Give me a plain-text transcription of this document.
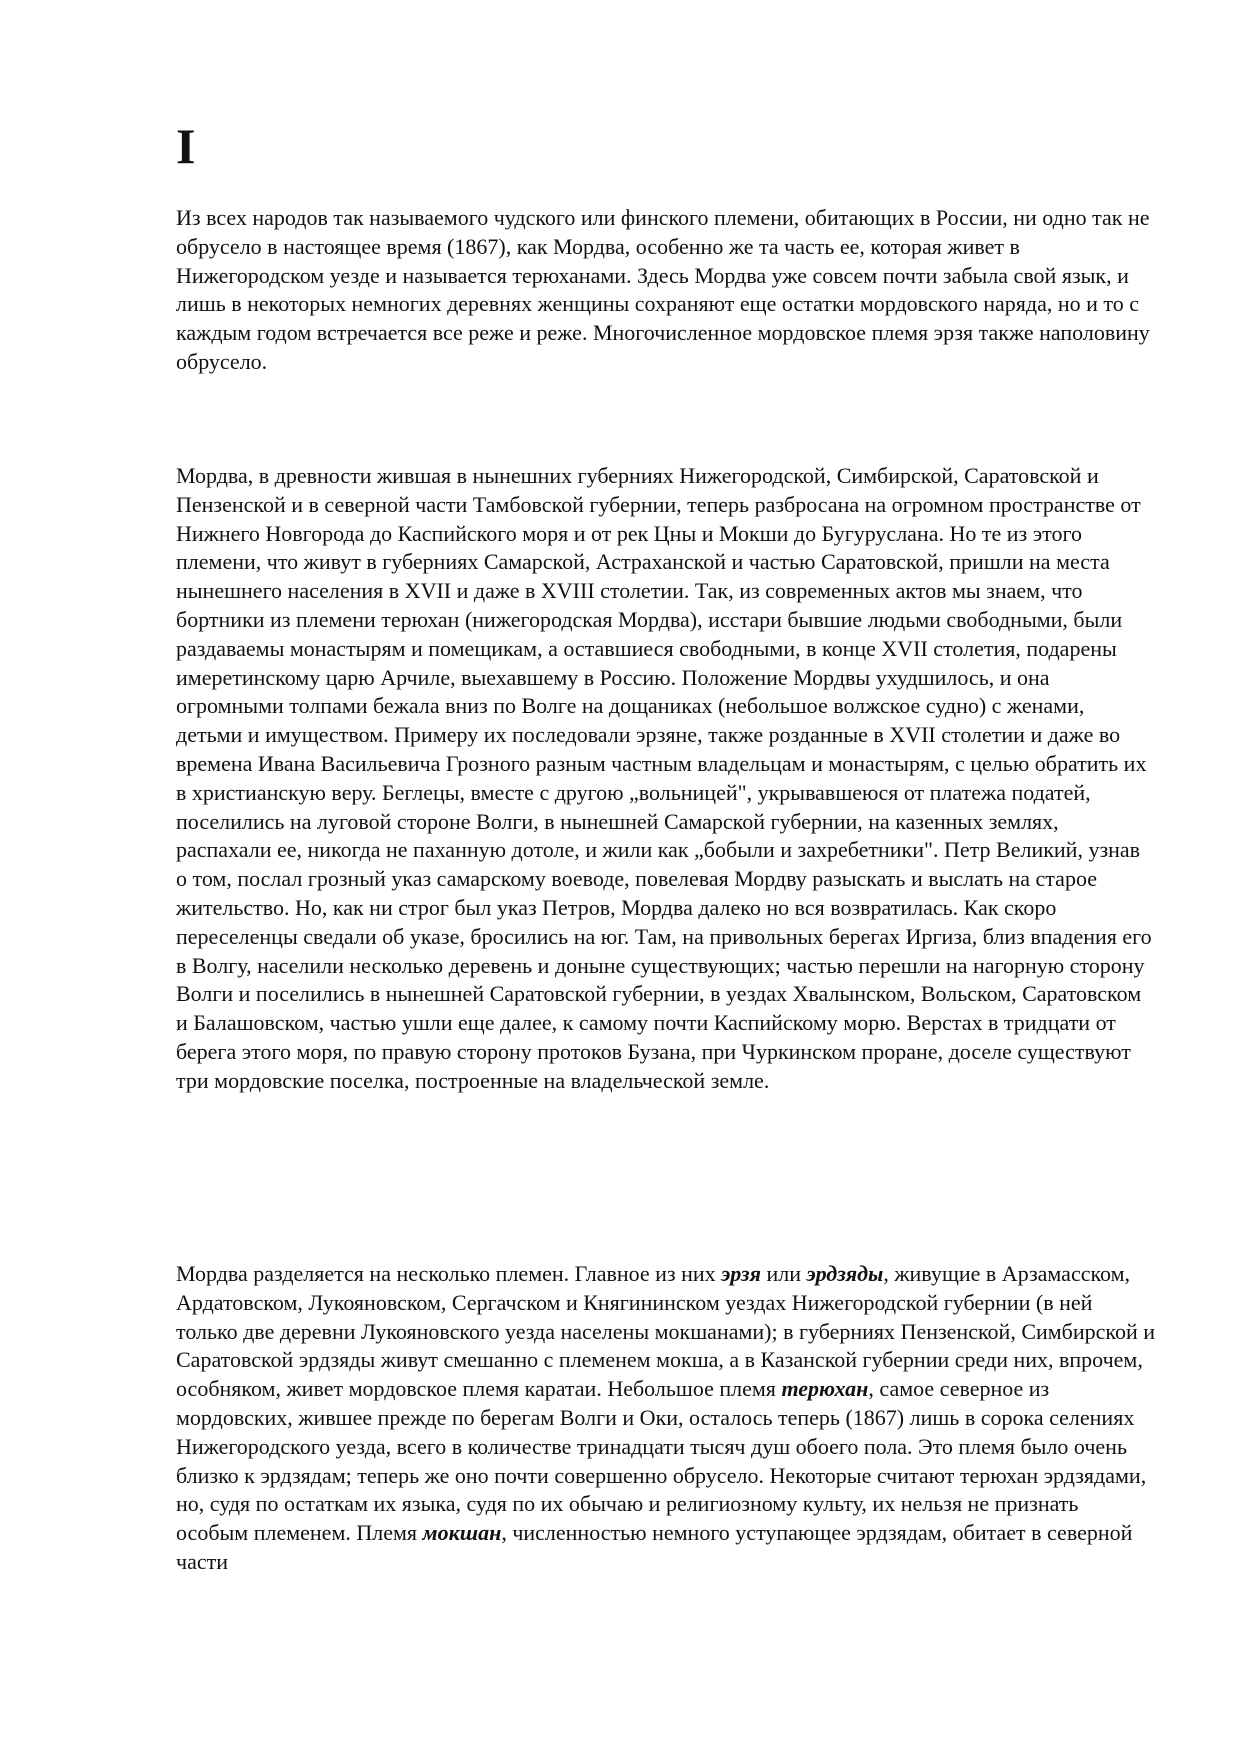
I

Из всех народов так называемого чудского или финского племени, обитающих в России, ни одно так не обрусело в настоящее время (1867), как Мордва, особенно же та часть ее, которая живет в Нижегородском уезде и называется терюханами. Здесь Мордва уже совсем почти забыла свой язык, и лишь в некоторых немногих деревнях женщины сохраняют еще остатки мордовского наряда, но и то с каждым годом встречается все реже и реже. Многочисленное мордовское племя эрзя также наполовину обрусело.

Мордва, в древности жившая в нынешних губерниях Нижегородской, Симбирской, Саратовской и Пензенской и в северной части Тамбовской губернии, теперь разбросана на огромном пространстве от Нижнего Новгорода до Каспийского моря и от рек Цны и Мокши до Бугуруслана. Но те из этого племени, что живут в губерниях Самарской, Астраханской и частью Саратовской, пришли на места нынешнего населения в XVII и даже в XVIII столетии. Так, из современных актов мы знаем, что бортники из племени терюхан (нижегородская Мордва), исстари бывшие людьми свободными, были раздаваемы монастырям и помещикам, а оставшиеся свободными, в конце XVII столетия, подарены имеретинскому царю Арчиле, выехавшему в Россию. Положение Мордвы ухудшилось, и она огромными толпами бежала вниз по Волге на дощаниках (небольшое волжское судно) с женами, детьми и имуществом. Примеру их последовали эрзяне, также розданные в XVII столетии и даже во времена Ивана Васильевича Грозного разным частным владельцам и монастырям, с целью обратить их в христианскую веру. Беглецы, вместе с другою „вольницей", укрывавшеюся от платежа податей, поселились на луговой стороне Волги, в нынешней Самарской губернии, на казенных землях, распахали ее, никогда не паханную дотоле, и жили как „бобыли и захребетники". Петр Великий, узнав о том, послал грозный указ самарскому воеводе, повелевая Мордву разыскать и выслать на старое жительство. Но, как ни строг был указ Петров, Мордва далеко но вся возвратилась. Как скоро переселенцы сведали об указе, бросились на юг. Там, на привольных берегах Иргиза, близ впадения его в Волгу, населили несколько деревень и доныне существующих; частью перешли на нагорную сторону Волги и поселились в нынешней Саратовской губернии, в уездах Хвалынском, Вольском, Саратовском и Балашовском, частью ушли еще далее, к самому почти Каспийскому морю. Верстах в тридцати от берега этого моря, по правую сторону протоков Бузана, при Чуркинском проране, доселе существуют три мордовские поселка, построенные на владельческой земле.

Мордва разделяется на несколько племен. Главное из них эрзя или эрдзяды, живущие в Арзамасском, Ардатовском, Лукояновском, Сергачском и Княгининском уездах Нижегородской губернии (в ней только две деревни Лукояновского уезда населены мокшанами); в губерниях Пензенской, Симбирской и Саратовской эрдзяды живут смешанно с племенем мокша, а в Казанской губернии среди них, впрочем, особняком, живет мордовское племя каратаи. Небольшое племя терюхан, самое северное из мордовских, жившее прежде по берегам Волги и Оки, осталось теперь (1867) лишь в сорока селениях Нижегородского уезда, всего в количестве тринадцати тысяч душ обоего пола. Это племя было очень близко к эрдзядам; теперь же оно почти совершенно обрусело. Некоторые считают терюхан эрдзядами, но, судя по остаткам их языка, судя по их обычаю и религиозному культу, их нельзя не признать особым племенем. Племя мокшан, численностью немного уступающее эрдзядам, обитает в северной части
